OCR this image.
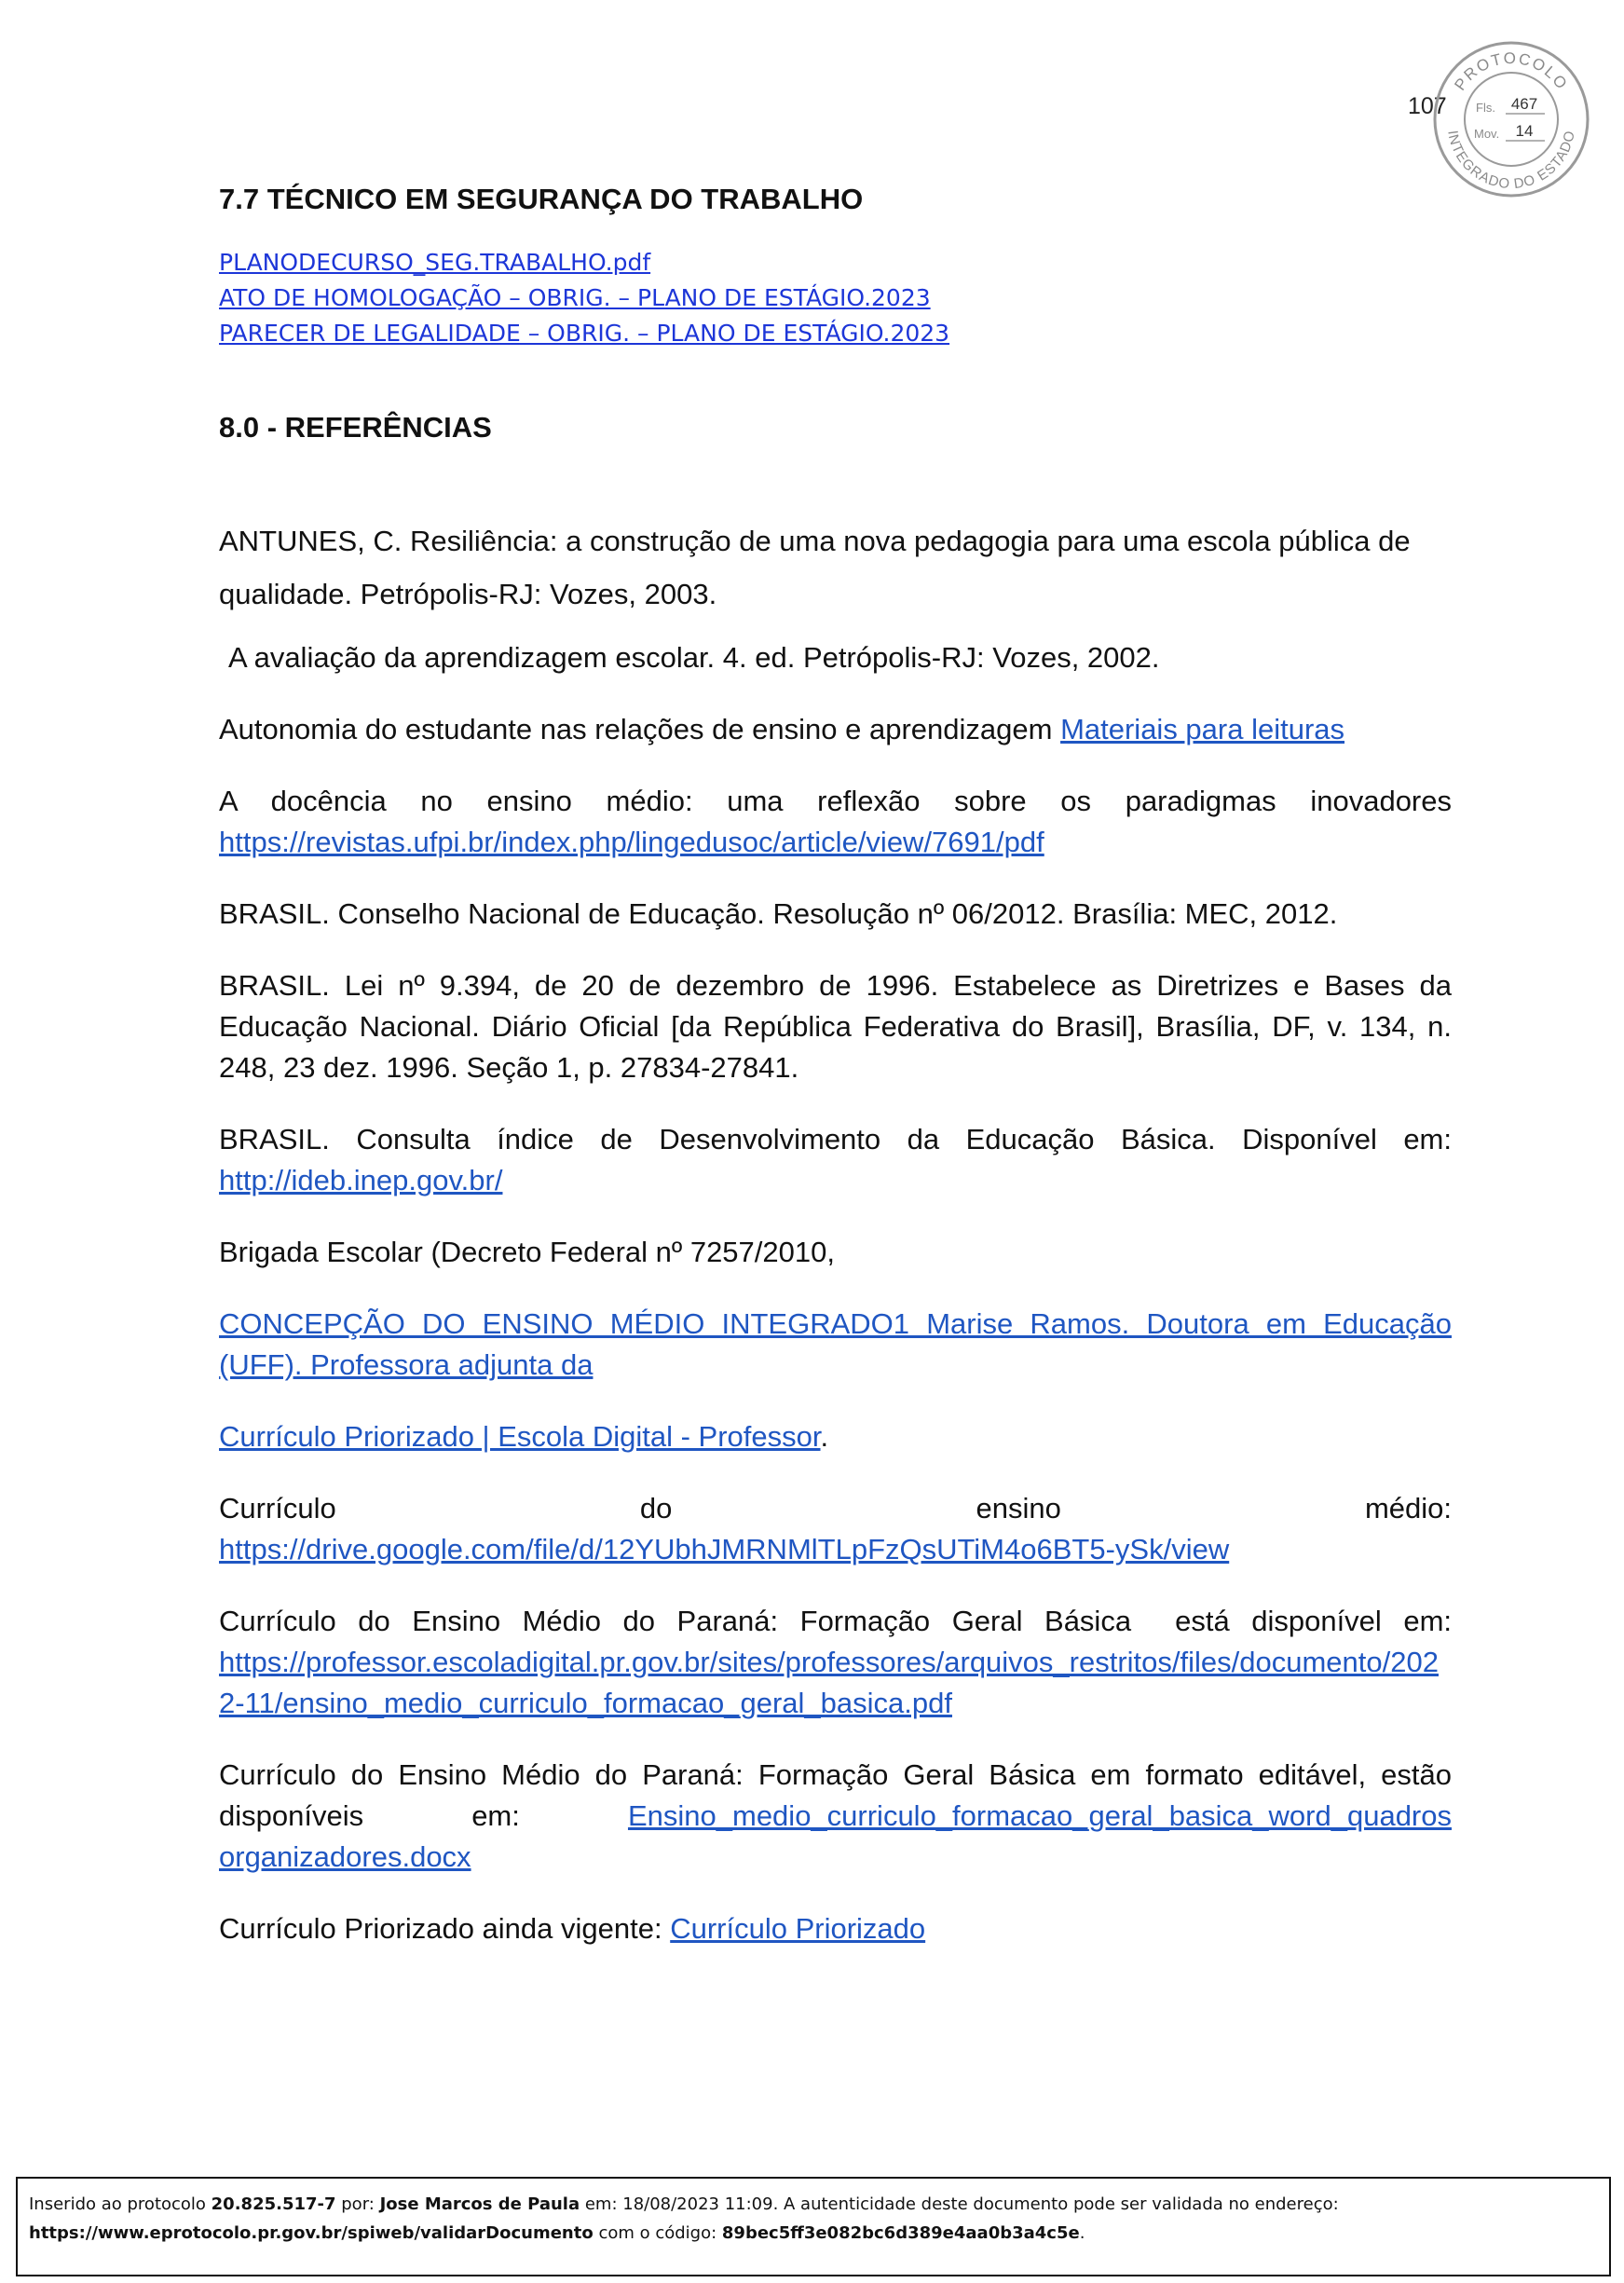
107
PROTOCOLO
INTEGRADO DO ESTADO
Fls. 467
Mov. 14
7.7 TÉCNICO EM SEGURANÇA DO TRABALHO
PLANODECURSO_SEG.TRABALHO.pdf
ATO DE HOMOLOGAÇÃO – OBRIG. – PLANO DE ESTÁGIO.2023
PARECER DE LEGALIDADE – OBRIG. – PLANO DE ESTÁGIO.2023
8.0 - REFERÊNCIAS

ANTUNES, C. Resiliência: a construção de uma nova pedagogia para uma escola pública de qualidade. Petrópolis-RJ: Vozes, 2003.

A avaliação da aprendizagem escolar. 4. ed. Petrópolis-RJ: Vozes, 2002.

Autonomia do estudante nas relações de ensino e aprendizagem Materiais para leituras

A docência no ensino médio: uma reflexão sobre os paradigmas inovadores
https://revistas.ufpi.br/index.php/lingedusoc/article/view/7691/pdf

BRASIL. Conselho Nacional de Educação. Resolução nº 06/2012. Brasília: MEC, 2012.

BRASIL. Lei nº 9.394, de 20 de dezembro de 1996. Estabelece as Diretrizes e Bases da Educação Nacional. Diário Oficial [da República Federativa do Brasil], Brasília, DF, v. 134, n. 248, 23 dez. 1996. Seção 1, p. 27834-27841.

BRASIL. Consulta índice de Desenvolvimento da Educação Básica. Disponível em:
http://ideb.inep.gov.br/

Brigada Escolar (Decreto Federal nº 7257/2010,

CONCEPÇÃO DO ENSINO MÉDIO INTEGRADO1 Marise Ramos. Doutora em Educação (UFF). Professora adjunta da

Currículo Priorizado | Escola Digital - Professor.

Currículo	do	ensino	médio:
https://drive.google.com/file/d/12YUbhJMRNMlTLpFzQsUTiM4o6BT5-ySk/view
Currículo do Ensino Médio do Paraná: Formação Geral Básica  está disponível em:
https://professor.escoladigital.pr.gov.br/sites/professores/arquivos_restritos/files/documento/2022-11/ensino_medio_curriculo_formacao_geral_basica.pdf

Currículo do Ensino Médio do Paraná: Formação Geral Básica em formato editável, estão disponíveis em: Ensino_medio_curriculo_formacao_geral_basica_word_quadros organizadores.docx

Currículo Priorizado ainda vigente: Currículo Priorizado

Inserido ao protocolo 20.825.517-7 por: Jose Marcos de Paula em: 18/08/2023 11:09. A autenticidade deste documento pode ser validada no endereço:
https://www.eprotocolo.pr.gov.br/spiweb/validarDocumento com o código: 89bec5ff3e082bc6d389e4aa0b3a4c5e.
